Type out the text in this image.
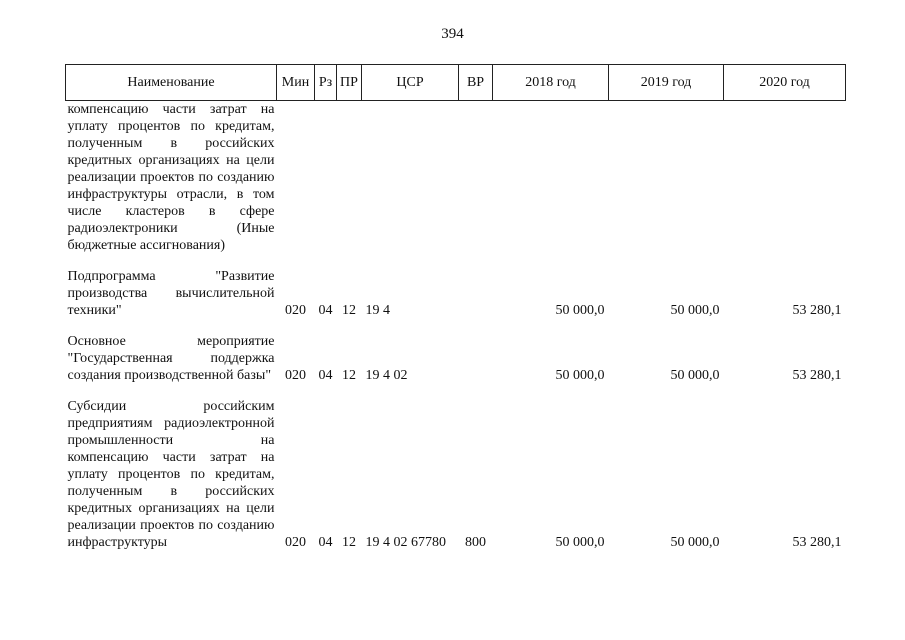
394
Наименование	Мин	Рз	ПР	ЦСР	ВР	2018 год	2019 год	2020 год

компенсацию части затрат на уплату процентов по кредитам, полученным в российских кредитных организациях на цели реализации проектов по созданию инфраструктуры отрасли, в том числе кластеров в сфере радиоэлектроники (Иные бюджетные ассигнования)								

Подпрограмма "Развитие производства вычислительной техники"	020	04	12	19 4		50 000,0	50 000,0	53 280,1

Основное мероприятие "Государственная поддержка создания производственной базы"	020	04	12	19 4 02		50 000,0	50 000,0	53 280,1

Субсидии российским предприятиям радиоэлектронной промышленности на компенсацию части затрат на уплату процентов по кредитам, полученным в российских кредитных организациях на цели реализации проектов по созданию инфраструктуры	020	04	12	19 4 02 67780	800	50 000,0	50 000,0	53 280,1
